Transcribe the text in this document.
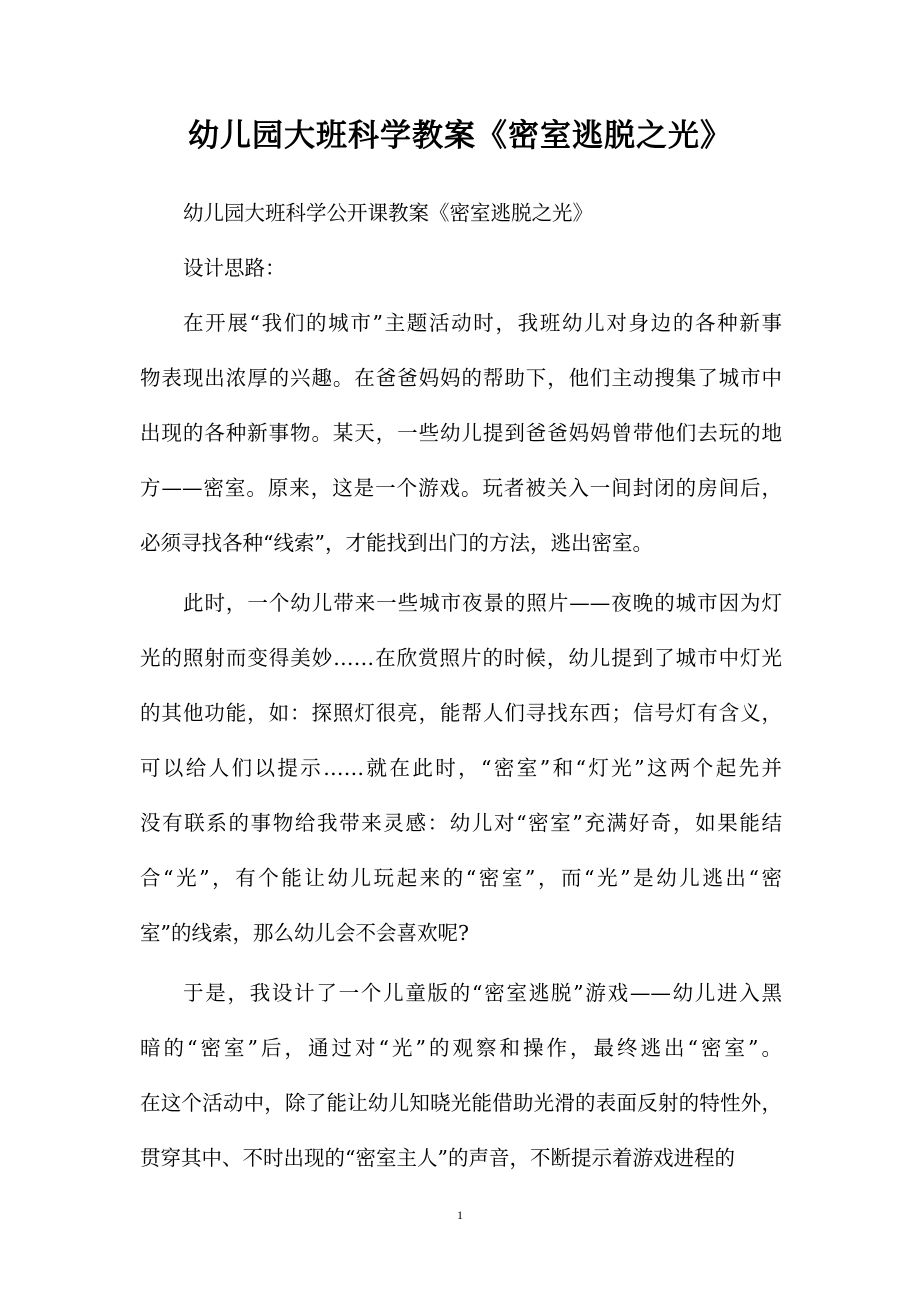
幼儿园大班科学教案《密室逃脱之光》
幼儿园大班科学公开课教案《密室逃脱之光》
设计思路：
在开展“我们的城市”主题活动时，我班幼儿对身边的各种新事
物表现出浓厚的兴趣。在爸爸妈妈的帮助下，他们主动搜集了城市中
出现的各种新事物。某天，一些幼儿提到爸爸妈妈曾带他们去玩的地
方——密室。原来，这是一个游戏。玩者被关入一间封闭的房间后，
必须寻找各种“线索”，才能找到出门的方法，逃出密室。
此时，一个幼儿带来一些城市夜景的照片——夜晚的城市因为灯
光的照射而变得美妙……在欣赏照片的时候，幼儿提到了城市中灯光
的其他功能，如：探照灯很亮，能帮人们寻找东西；信号灯有含义，
可以给人们以提示……就在此时，“密室”和“灯光”这两个起先并
没有联系的事物给我带来灵感：幼儿对“密室”充满好奇，如果能结
合“光”，有个能让幼儿玩起来的“密室”，而“光”是幼儿逃出“密
室”的线索，那么幼儿会不会喜欢呢?
于是，我设计了一个儿童版的“密室逃脱”游戏——幼儿进入黑
暗的“密室”后，通过对“光”的观察和操作，最终逃出“密室”。
在这个活动中，除了能让幼儿知晓光能借助光滑的表面反射的特性外，
贯穿其中、不时出现的“密室主人”的声音，不断提示着游戏进程的
1
